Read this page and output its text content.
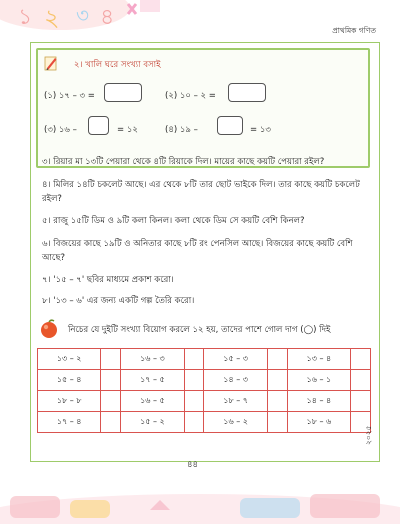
১ ২ ৩ ৪
প্রাথমিক গণিত
২। খালি ঘরে সংখ্যা বসাই
(১) ১৭ – ৩ =	(২) ১০ – ২ =
(৩) ১৬ –	= ১২	(৪) ১৯ –	= ১৩
৩। রিয়ার মা ১৩টি পেয়ারা থেকে ৪টি রিয়াকে দিল। মায়ের কাছে কয়টি পেয়ারা রইল?
৪। মিলির ১৪টি চকলেট আছে। এর থেকে ৮টি তার ছোট ভাইকে দিল। তার কাছে কয়টি চকলেট রইল?
৫। রাজু ১৫টি ডিম ও ৯টি কলা কিনল। কলা থেকে ডিম সে কয়টি বেশি কিনল?
৬। বিজয়ের কাছে ১৯টি ও অনিতার কাছে ৮টি রং পেনসিল আছে। বিজয়ের কাছে কয়টি বেশি আছে?
৭। '১৫ – ৭' ছবির মাধ্যমে প্রকাশ করো।
৮। '১৩ – ৬' এর জন্য একটি গল্প তৈরি করো।
নিচের যে দুইটি সংখ্যা বিয়োগ করলে ১২ হয়, তাদের পাশে গোল দাগ (◯) দিই
১৩ – ২		১৬ – ৩		১৫ – ৩		১৩ – ৪	
১৫ – ৪		১৭ – ৫		১৪ – ৩		১৬ – ১	
১৮ – ৮		১৬ – ৫		১৮ – ৭		১৪ – ৪	
১৭ – ৪		১৫ – ২		১৬ – ২		১৮ – ৬	
২০২৫
৪৪
